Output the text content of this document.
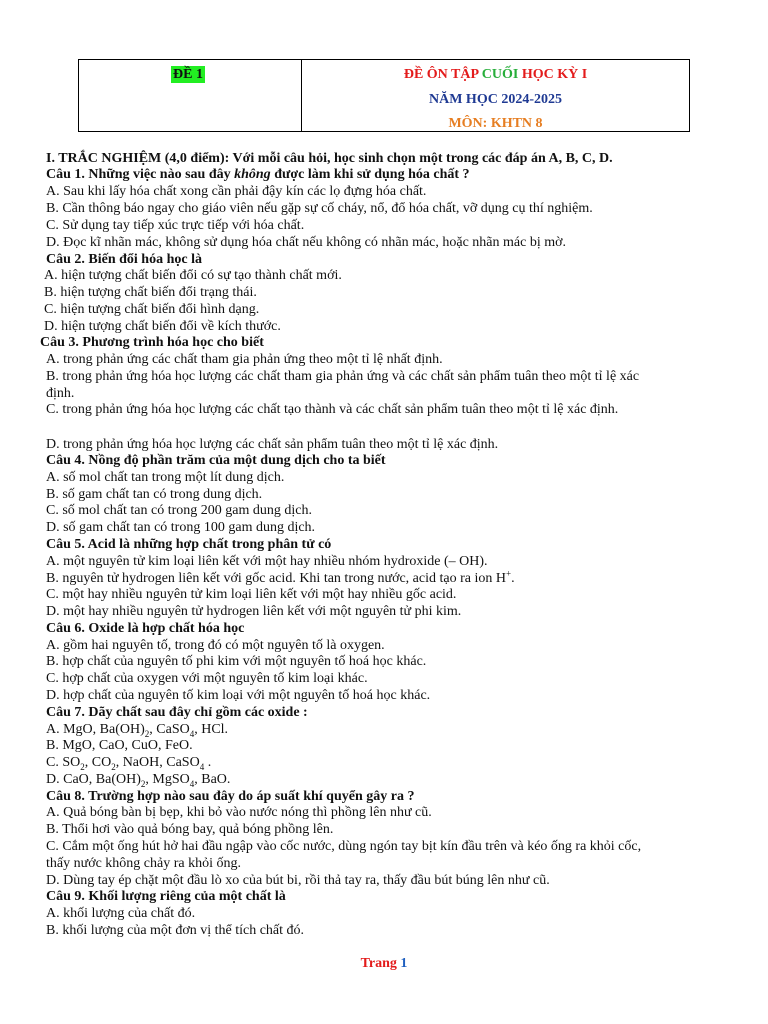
ĐỀ 1	ĐỀ ÔN TẬP CUỐI HỌC KỲ I
NĂM HỌC 2024-2025
MÔN: KHTN 8
I. TRẮC NGHIỆM (4,0 điểm): Với mỗi câu hỏi, học sinh chọn một trong các đáp án A, B, C, D.
Câu 1. Những việc nào sau đây không được làm khi sử dụng hóa chất ?
A. Sau khi lấy hóa chất xong cần phải đậy kín các lọ đựng hóa chất.
B. Cần thông báo ngay cho giáo viên nếu gặp sự cố cháy, nổ, đổ hóa chất, vỡ dụng cụ thí nghiệm.
C. Sử dụng tay tiếp xúc trực tiếp với hóa chất.
D. Đọc kĩ nhãn mác, không sử dụng hóa chất nếu không có nhãn mác, hoặc nhãn mác bị mờ.
Câu 2. Biến đổi hóa học là
A. hiện tượng chất biến đổi có sự tạo thành chất mới.
B. hiện tượng chất biến đổi trạng thái.
C. hiện tượng chất biến đổi hình dạng.
D. hiện tượng chất biến đổi về kích thước.
Câu 3. Phương trình hóa học cho biết
A. trong phản ứng các chất tham gia phản ứng theo một tỉ lệ nhất định.
B. trong phản ứng hóa học lượng các chất tham gia phản ứng và các chất sản phẩm tuân theo một tỉ lệ xác
định.
C. trong phản ứng hóa học lượng các chất tạo thành và các chất sản phẩm tuân theo một tỉ lệ xác định.
D. trong phản ứng hóa học lượng các chất sản phẩm tuân theo một tỉ lệ xác định.
Câu 4. Nồng độ phần trăm của một dung dịch cho ta biết
A. số mol chất tan trong một lít dung dịch.
B. số gam chất tan có trong dung dịch.
C. số mol chất tan có trong 200 gam dung dịch.
D. số gam chất tan có trong 100 gam dung dịch.
Câu 5. Acid là những hợp chất trong phân tử có
A. một nguyên tử kim loại liên kết với một hay nhiều nhóm hydroxide (– OH).
B. nguyên tử hydrogen liên kết với gốc acid. Khi tan trong nước, acid tạo ra ion H+.
C. một hay nhiều nguyên tử kim loại liên kết với một hay nhiều gốc acid.
D. một hay nhiều nguyên tử hydrogen liên kết với một nguyên tử phi kim.
Câu 6. Oxide là hợp chất hóa học
A. gồm hai nguyên tố, trong đó có một nguyên tố là oxygen.
B. hợp chất của nguyên tố phi kim với một nguyên tố hoá học khác.
C. hợp chất của oxygen với một nguyên tố kim loại khác.
D. hợp chất của nguyên tố kim loại với một nguyên tố hoá học khác.
Câu 7. Dãy chất sau đây chỉ gồm các oxide :
A. MgO, $Ba(OH)_2$, CaSO$_4$, HCl.
B. MgO, CaO, CuO, FeO.
C. $SO_2$, $CO_2$, NaOH, CaSO$_4$ .
D. CaO, $Ba(OH)_2$, MgSO$_4$, BaO.
Câu 8. Trường hợp nào sau đây do áp suất khí quyển gây ra ?
A. Quả bóng bàn bị bẹp, khi bỏ vào nước nóng thì phồng lên như cũ.
B. Thổi hơi vào quả bóng bay, quả bóng phồng lên.
C. Cắm một ống hút hở hai đầu ngập vào cốc nước, dùng ngón tay bịt kín đầu trên và kéo ống ra khỏi cốc,
thấy nước không chảy ra khỏi ống.
D. Dùng tay ép chặt một đầu lò xo của bút bi, rồi thả tay ra, thấy đầu bút búng lên như cũ.
Câu 9. Khối lượng riêng của một chất là
A. khối lượng của chất đó.
B. khối lượng của một đơn vị thể tích chất đó.
Trang 1
